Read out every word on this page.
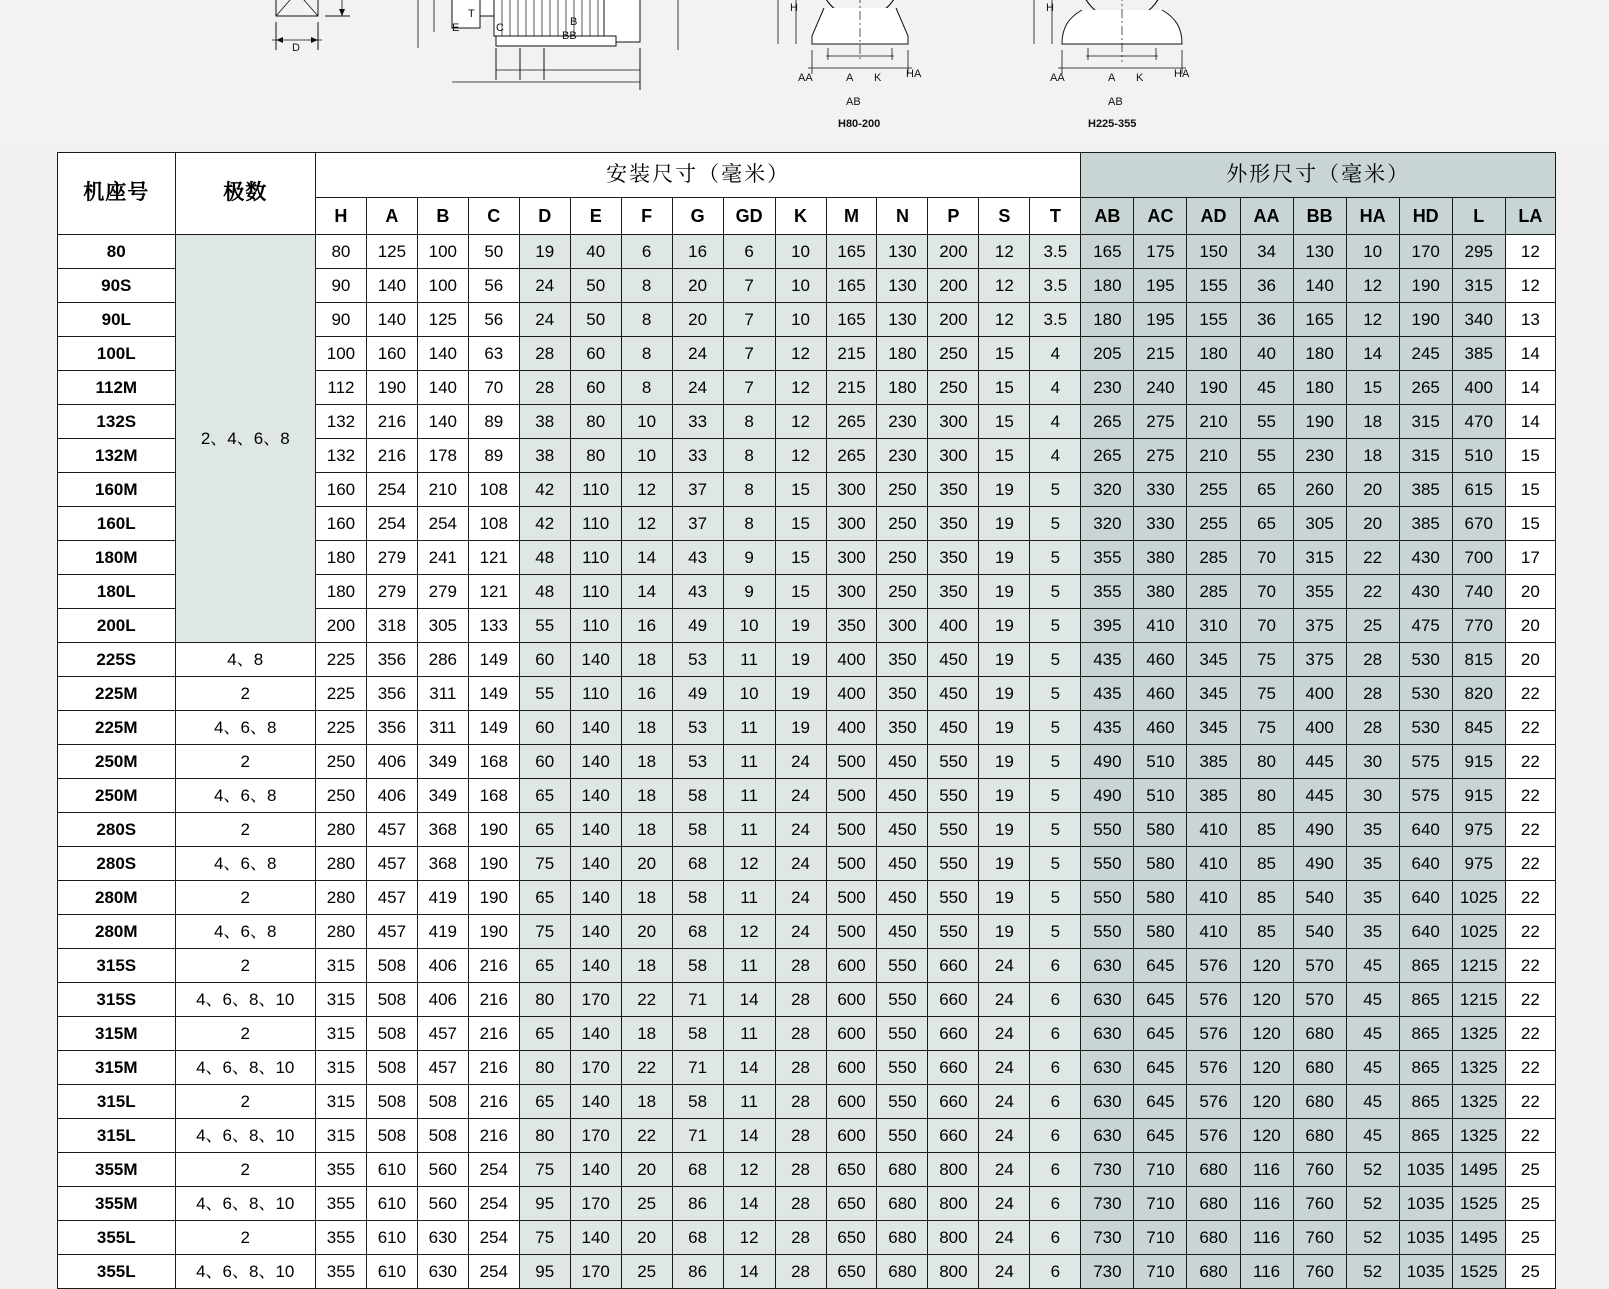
D
T
E	C	B
BB
H
AA	A K HA
AB
H80-200
H
AA	A K	HA
AB
H225-355
机座号	极数	安装尺寸（毫米）															外形尺寸（毫米）								
		H	A	B	C	D	E	F	G	GD	K	M	N	P	S	T	AB	AC	AD	AA	BB	HA	HD	L	LA
80	2、4、6、8	80	125	100	50	19	40	6	16	6	10	165	130	200	12	3.5	165	175	150	34	130	10	170	295	12
90S		90	140	100	56	24	50	8	20	7	10	165	130	200	12	3.5	180	195	155	36	140	12	190	315	12
90L		90	140	125	56	24	50	8	20	7	10	165	130	200	12	3.5	180	195	155	36	165	12	190	340	13
100L		100	160	140	63	28	60	8	24	7	12	215	180	250	15	4	205	215	180	40	180	14	245	385	14
112M		112	190	140	70	28	60	8	24	7	12	215	180	250	15	4	230	240	190	45	180	15	265	400	14
132S		132	216	140	89	38	80	10	33	8	12	265	230	300	15	4	265	275	210	55	190	18	315	470	14
132M		132	216	178	89	38	80	10	33	8	12	265	230	300	15	4	265	275	210	55	230	18	315	510	15
160M		160	254	210	108	42	110	12	37	8	15	300	250	350	19	5	320	330	255	65	260	20	385	615	15
160L		160	254	254	108	42	110	12	37	8	15	300	250	350	19	5	320	330	255	65	305	20	385	670	15
180M		180	279	241	121	48	110	14	43	9	15	300	250	350	19	5	355	380	285	70	315	22	430	700	17
180L		180	279	279	121	48	110	14	43	9	15	300	250	350	19	5	355	380	285	70	355	22	430	740	20
200L		200	318	305	133	55	110	16	49	10	19	350	300	400	19	5	395	410	310	70	375	25	475	770	20
225S	4、8	225	356	286	149	60	140	18	53	11	19	400	350	450	19	5	435	460	345	75	375	28	530	815	20
225M	2	225	356	311	149	55	110	16	49	10	19	400	350	450	19	5	435	460	345	75	400	28	530	820	22
225M	4、6、8	225	356	311	149	60	140	18	53	11	19	400	350	450	19	5	435	460	345	75	400	28	530	845	22
250M	2	250	406	349	168	60	140	18	53	11	24	500	450	550	19	5	490	510	385	80	445	30	575	915	22
250M	4、6、8	250	406	349	168	65	140	18	58	11	24	500	450	550	19	5	490	510	385	80	445	30	575	915	22
280S	2	280	457	368	190	65	140	18	58	11	24	500	450	550	19	5	550	580	410	85	490	35	640	975	22
280S	4、6、8	280	457	368	190	75	140	20	68	12	24	500	450	550	19	5	550	580	410	85	490	35	640	975	22
280M	2	280	457	419	190	65	140	18	58	11	24	500	450	550	19	5	550	580	410	85	540	35	640	1025	22
280M	4、6、8	280	457	419	190	75	140	20	68	12	24	500	450	550	19	5	550	580	410	85	540	35	640	1025	22
315S	2	315	508	406	216	65	140	18	58	11	28	600	550	660	24	6	630	645	576	120	570	45	865	1215	22
315S	4、6、8、10	315	508	406	216	80	170	22	71	14	28	600	550	660	24	6	630	645	576	120	570	45	865	1215	22
315M	2	315	508	457	216	65	140	18	58	11	28	600	550	660	24	6	630	645	576	120	680	45	865	1325	22
315M	4、6、8、10	315	508	457	216	80	170	22	71	14	28	600	550	660	24	6	630	645	576	120	680	45	865	1325	22
315L	2	315	508	508	216	65	140	18	58	11	28	600	550	660	24	6	630	645	576	120	680	45	865	1325	22
315L	4、6、8、10	315	508	508	216	80	170	22	71	14	28	600	550	660	24	6	630	645	576	120	680	45	865	1325	22
355M	2	355	610	560	254	75	140	20	68	12	28	650	680	800	24	6	730	710	680	116	760	52	1035	1495	25
355M	4、6、8、10	355	610	560	254	95	170	25	86	14	28	650	680	800	24	6	730	710	680	116	760	52	1035	1525	25
355L	2	355	610	630	254	75	140	20	68	12	28	650	680	800	24	6	730	710	680	116	760	52	1035	1495	25
355L	4、6、8、10	355	610	630	254	95	170	25	86	14	28	650	680	800	24	6	730	710	680	116	760	52	1035	1525	25
